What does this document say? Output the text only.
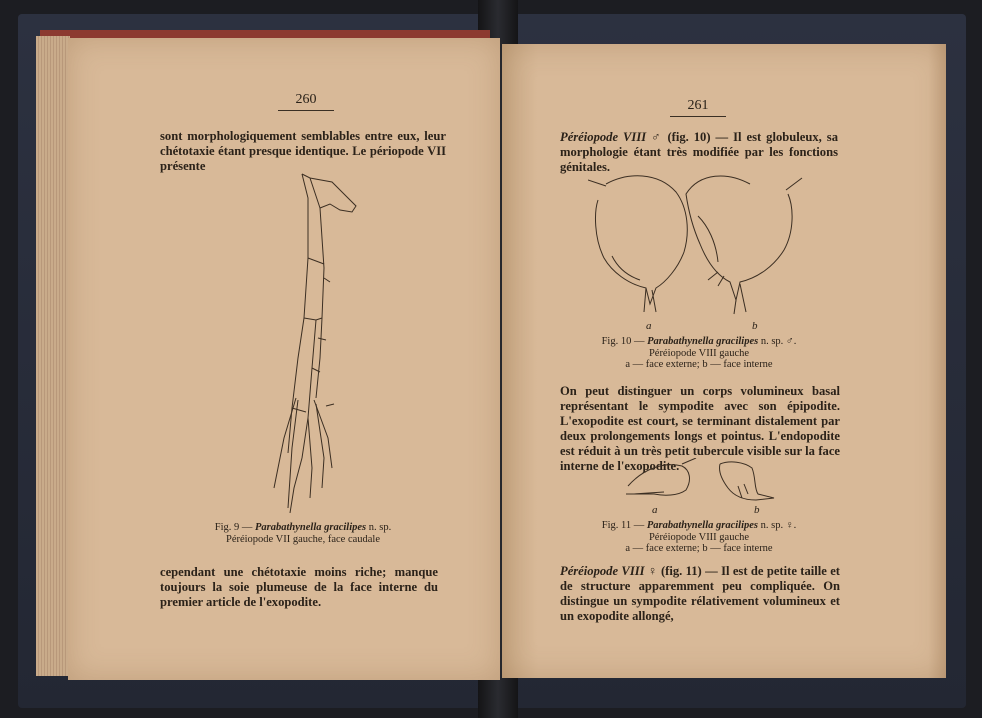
260
sont morphologiquement semblables entre eux, leur chétotaxie étant presque identique. Le périopode VII présente
Fig. 9 — Parabathynella gracilipes n. sp.
Péréiopode VII gauche, face caudale
cependant une chétotaxie moins riche; manque toujours la soie plumeuse de la face interne du premier article de l'exopodite.
261
Péréiopode VIII ♂ (fig. 10) — Il est globuleux, sa morphologie étant très modifiée par les fonctions génitales.
a	b
Fig. 10 — Parabathynella gracilipes n. sp. ♂.
Péréiopode VIII gauche
a — face externe; b — face interne
On peut distinguer un corps volumineux basal représentant le sympodite avec son épipodite. L'exopodite est court, se terminant distalement par deux prolongements longs et pointus. L'endopodite est réduit à un très petit tubercule visible sur la face interne de l'exopodite.
a	b
Fig. 11 — Parabathynella gracilipes n. sp. ♀.
Péréiopode VIII gauche
a — face externe; b — face interne
Péréiopode VIII ♀ (fig. 11) — Il est de petite taille et de structure apparemment peu compliquée. On distingue un sympodite rélativement volumineux et un exopodite allongé,
